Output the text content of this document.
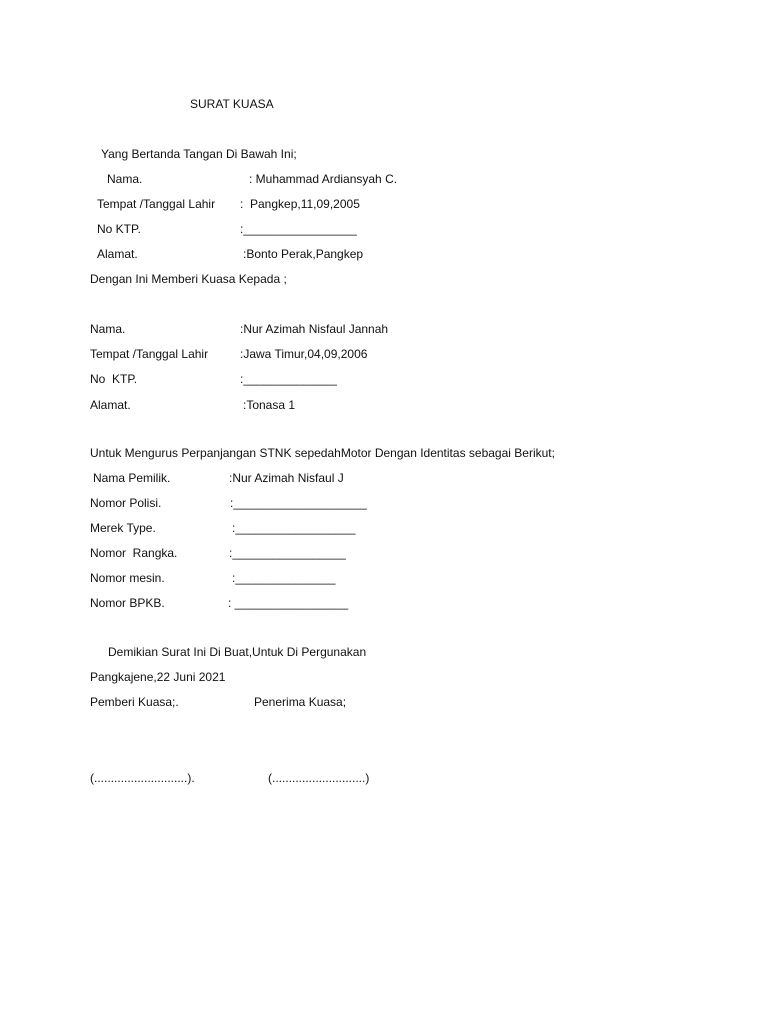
SURAT KUASA
Yang Bertanda Tangan Di Bawah Ini;

Nama.

	: Muhammad Ardiansyah C.

Tempat /Tanggal Lahir

:  Pangkep,11,09,2005

No KTP.

	:_________________

Alamat.

	:Bonto Perak,Pangkep

Dengan Ini Memberi Kuasa Kepada ;

Nama.

	:Nur Azimah Nisfaul Jannah

Tempat /Tanggal Lahir

	:Jawa Timur,04,09,2006

No  KTP.

	:______________

Alamat.

	:Tonasa 1

Untuk Mengurus Perpanjangan STNK sepedahMotor Dengan Identitas sebagai Berikut;

Nama Pemilik.

	:Nur Azimah Nisfaul J

Nomor Polisi.

	:____________________

Merek Type.

	:__________________

Nomor  Rangka.

	:_________________

Nomor mesin.

	:_______________

Nomor BPKB.

	: _________________

Demikian Surat Ini Di Buat,Untuk Di Pergunakan
Pangkajene,22 Juni 2021

Pemberi Kuasa;.

	Penerima Kuasa;

(............................).

	(............................)
